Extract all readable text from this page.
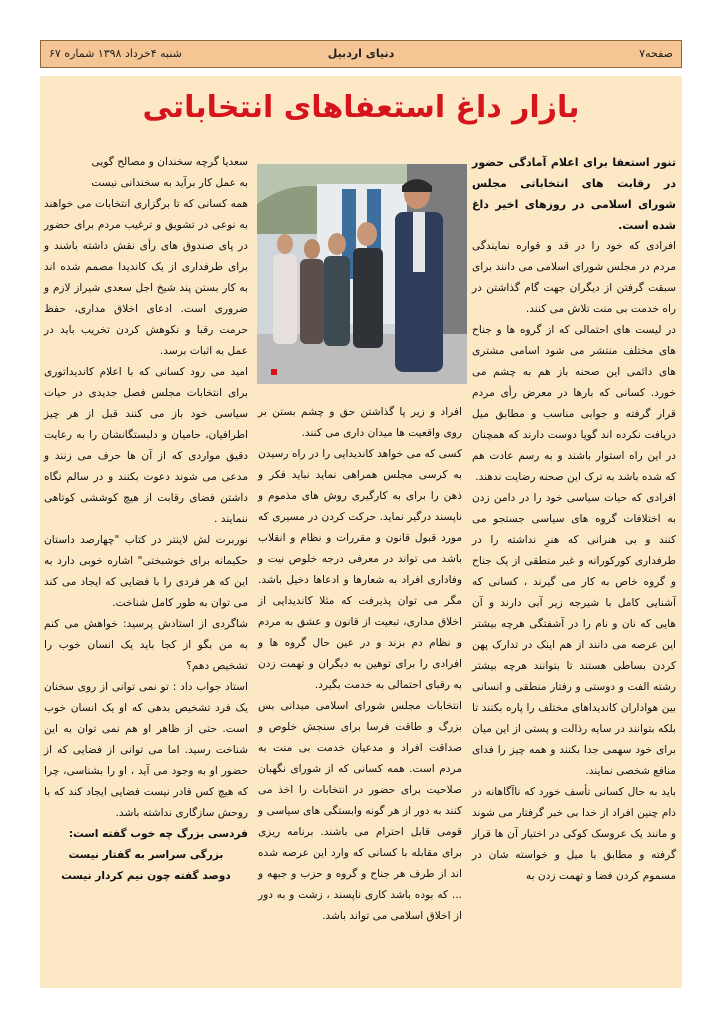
صفحه۷
دنیای اردبیل
شنبه ۴خرداد ۱۳۹۸ شماره ۶۷
بازار داغ استعفاهای انتخاباتی

تنور استعفا برای اعلام آمادگی حضور در رقابت های انتخاباتی مجلس شورای اسلامی در روزهای اخیر داغ شده است.

افرادی که خود را در قد و قواره نمایندگی مردم در مجلس شورای اسلامی می دانند برای سبقت گرفتن از دیگران جهت گام گذاشتن در راه خدمت بی منت تلاش می کنند.

در لیست های احتمالی که از گروه ها و جناح های مختلف منتشر می شود اسامی مشتری های دائمی این صحنه باز هم به چشم می خورد. کسانی که بارها در معرض رأی مردم قرار گرفته و جوابی مناسب و مطابق میل دریافت نکرده اند گویا دوست دارند که همچنان در این راه استوار باشند و به رسم عادت هم که شده باشد به ترک این صحنه رضایت ندهند.

افرادی که حیات سیاسی خود را در دامن زدن به اختلافات گروه های سیاسی جستجو می کنند و بی هنرانی که هنرِ نداشته را در طرفداری کورکورانه و غیر منطقی از یک جناح و گروه خاص به کار می گیرند ، کسانی که آشنایی کامل با شیرجه زیر آبی دارند و آن هایی که نان و نام را در آشفتگی هرچه بیشتر این عرصه می دانند از هم اینک در تدارک پهن کردن بساطی هستند تا بتوانند هرچه بیشتر رشته الفت و دوستی و رفتار منطقی و انسانی بین هواداران کاندیداهای مختلف را پاره بکنند تا بلکه بتوانند در سایه رذالت و پستی از این میان برای خود سهمی جدا بکنند و همه چیز را فدای منافع شخصی نمایند.

باید به حال کسانی تأسف خورد که ناآگاهانه در دام چنین افراد از خدا بی خبر گرفتار می شوند و مانند یک عروسک کوکی در اختیار آن ها قرار گرفته و مطابق با میل و خواسته شان در مسموم کردن فضا و تهمت زدن به

افراد و زیر پا گذاشتن حق و چشم بستن بر روی واقعیت ها میدان داری می کنند.

کسی که می خواهد کاندیدایی را در راه رسیدن به کرسی مجلس همراهی نماید نباید فکر و ذهن را برای به کارگیری روش های مذموم و ناپسند درگیر نماید. حرکت کردن در مسیری که مورد قبول قانون و مقررات و نظام و انقلاب باشد می تواند در معرفی درجه خلوص نیت و وفاداری افراد به شعارها و ادعاها دخیل باشد. مگر می توان پذیرفت که مثلا کاندیدایی از اخلاق مداری، تبعیت از قانون و عشق به مردم و نظام دم بزند و در عین حال گروه ها و افرادی را برای توهین به دیگران و تهمت زدن به رقبای احتمالی به خدمت بگیرد.

انتخابات مجلس شورای اسلامی میدانی بس بزرگ و طاقت فرسا برای سنجش خلوص و صداقت افراد و مدعیان خدمت بی منت به مردم است. همه کسانی که از شورای نگهبان صلاحیت برای حضور در انتخابات را اخذ می کنند به دور از هر گونه وابستگی های سیاسی و قومی قابل احترام می باشند. برنامه ریزی برای مقابله با کسانی که وارد این عرصه شده اند از طرف هر جناح و گروه و حزب و جبهه و ... که بوده باشد کاری ناپسند ، زشت و به دور از اخلاق اسلامی می تواند باشد.

سعدیا گرچه سخندان و مصالح گویی

به عمل کار برآید به سخندانی نیست

همه کسانی که تا برگزاری انتخابات می خواهند به نوعی در تشویق و ترغیب مردم برای حضور در پای صندوق های رأی نقش داشته باشند و برای طرفداری از یک کاندیدا مصمم شده اند به کار بستن پند شیخ اجل سعدی شیراز لازم و ضروری است. ادعای اخلاق مداری، حفظ حرمت رقبا و نکوهش کردن تخریب باید در عمل به اثبات برسد.

امید می رود کسانی که با اعلام کاندیداتوری برای انتخابات مجلس فصل جدیدی در حیات سیاسی خود باز می کنند قبل از هر چیز اطرافیان، حامیان و دلبستگانشان را به رعایت دقیق مواردی که از آن ها حرف می زنند و مدعی می شوند دعوت بکنند و در سالم نگاه داشتن فضای رقابت از هیچ کوششی کوتاهی ننمایند .

نوربرت لش لاینتر در کتاب "چهارصد داستان حکیمانه برای خوشبختی" اشاره خوبی دارد به این که هر فردی را با فضایی که ایجاد می کند می توان به طور کامل شناخت.

شاگردی از استادش پرسید: خواهش می کنم به من بگو از کجا باید یک انسان خوب را تشخیص دهم؟

استاد جواب داد : تو نمی توانی از روی سخنان یک فرد تشخیص بدهی که او یک انسان خوب است. حتی از ظاهر او هم نمی توان به این شناخت رسید. اما می توانی از فضایی که از حضور او به وجود می آید ، او را بشناسی، چرا که هیچ کس قادر نیست فضایی ایجاد کند که با روحش سازگاری نداشته باشد.

فردسی بزرگ چه خوب گفته است:

بزرگی سراسر به گفتار نیست

دوصد گفته چون نیم کردار نیست
